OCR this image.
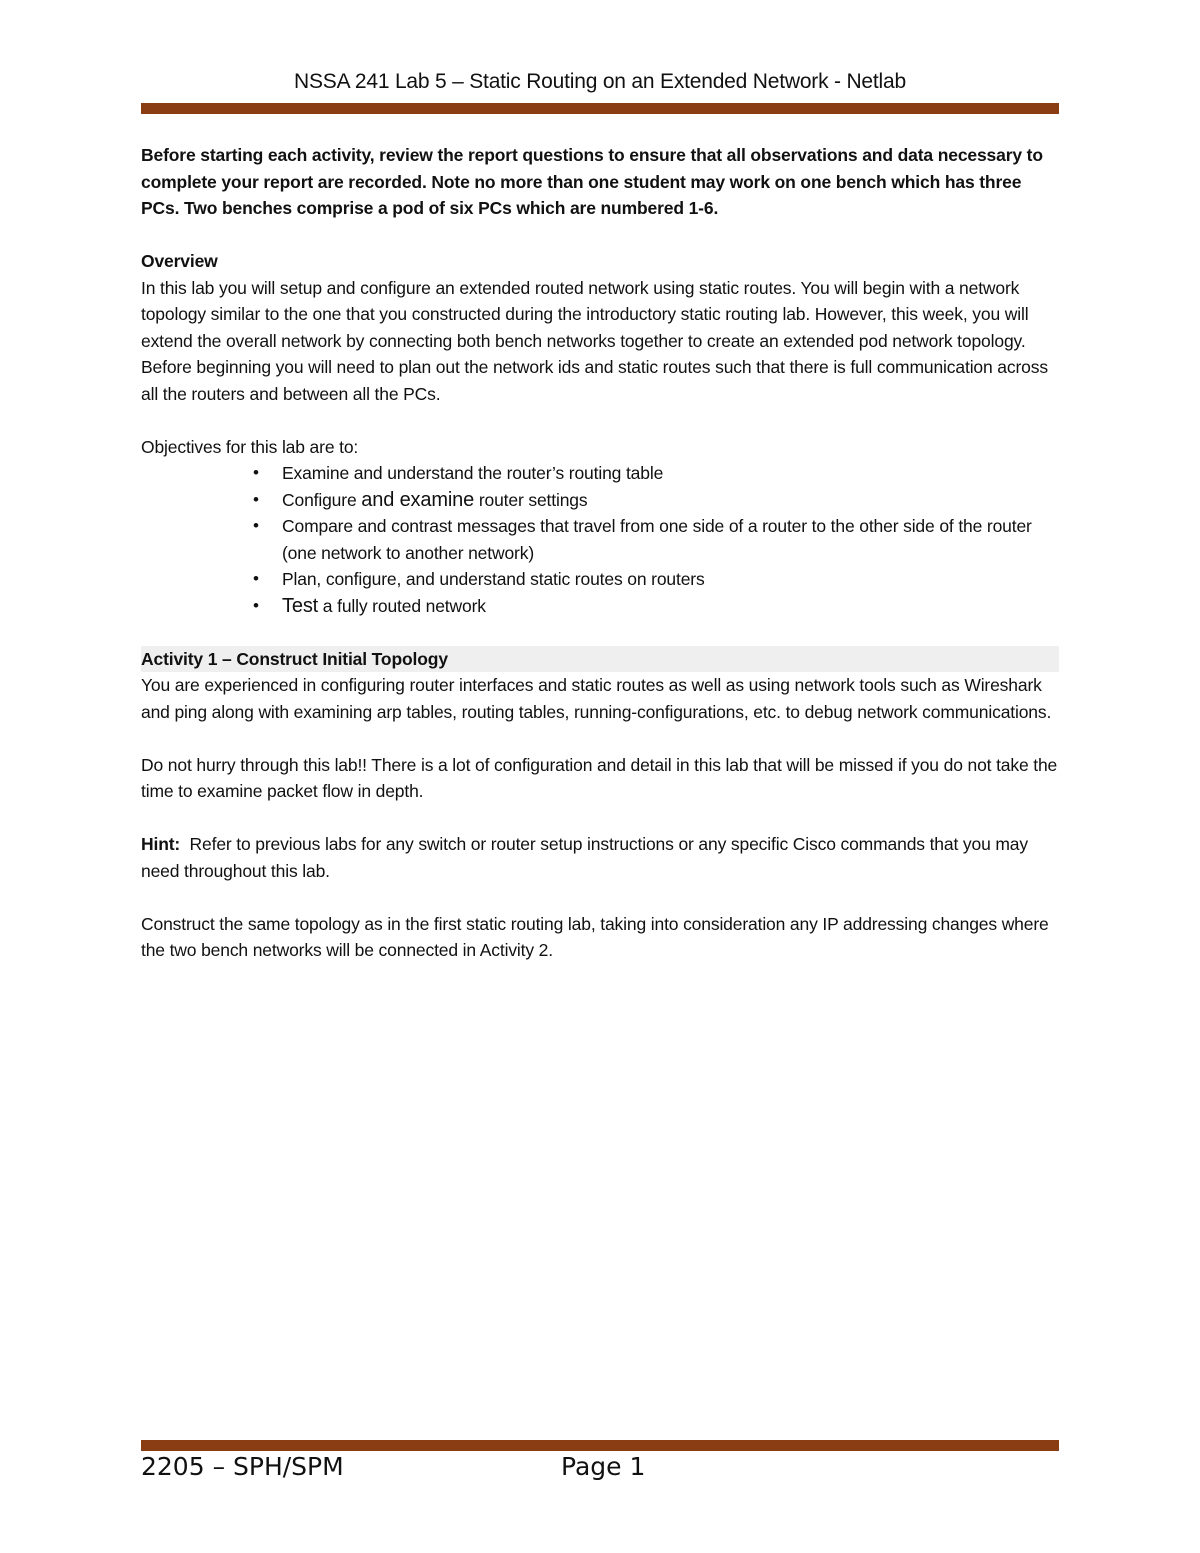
NSSA 241 Lab 5 – Static Routing on an Extended Network - Netlab

Before starting each activity, review the report questions to ensure that all observations and data necessary to complete your report are recorded. Note no more than one student may work on one bench which has three PCs. Two benches comprise a pod of six PCs which are numbered 1-6.

Overview

In this lab you will setup and configure an extended routed network using static routes. You will begin with a network topology similar to the one that you constructed during the introductory static routing lab. However, this week, you will extend the overall network by connecting both bench networks together to create an extended pod network topology. Before beginning you will need to plan out the network ids and static routes such that there is full communication across all the routers and between all the PCs.

Objectives for this lab are to:

• Examine and understand the router’s routing table
• Configure and examine router settings
• Compare and contrast messages that travel from one side of a router to the other side of the router (one network to another network)
• Plan, configure, and understand static routes on routers
• Test a fully routed network

Activity 1 – Construct Initial Topology

You are experienced in configuring router interfaces and static routes as well as using network tools such as Wireshark and ping along with examining arp tables, routing tables, running-configurations, etc. to debug network communications.

Do not hurry through this lab!! There is a lot of configuration and detail in this lab that will be missed if you do not take the time to examine packet flow in depth.

Hint:  Refer to previous labs for any switch or router setup instructions or any specific Cisco commands that you may need throughout this lab.

Construct the same topology as in the first static routing lab, taking into consideration any IP addressing changes where the two bench networks will be connected in Activity 2.

2205 – SPH/SPM	Page 1
